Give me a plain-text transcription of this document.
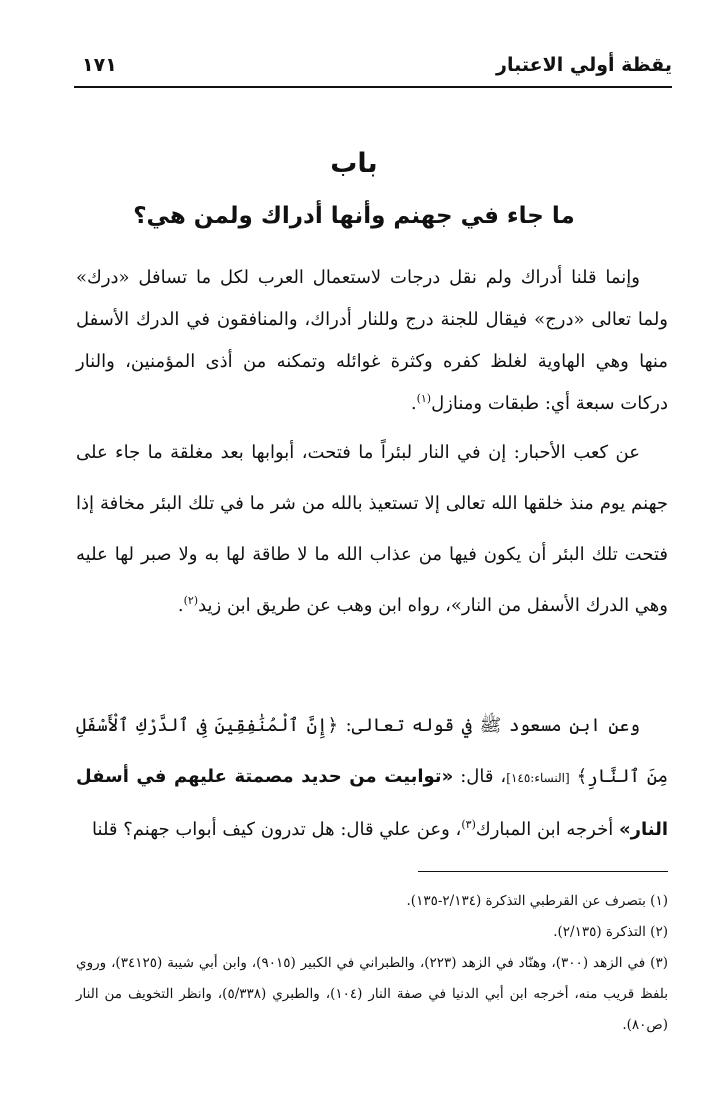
يقظة أولي الاعتبار
١٧١
باب
ما جاء في جهنم وأنها أدراك ولمن هي؟
وإنما قلنا أدراك ولم نقل درجات لاستعمال العرب لكل ما تسافل «درك» ولما تعالى «درج» فيقال للجنة درج وللنار أدراك، والمنافقون في الدرك الأسفل منها وهي الهاوية لغلظ كفره وكثرة غوائله وتمكنه من أذى المؤمنين، والنار دركات سبعة أي: طبقات ومنازل$^{(١)}$.
عن كعب الأحبار: إن في النار لبئراً ما فتحت، أبوابها بعد مغلقة ما جاء على جهنم يوم منذ خلقها الله تعالى إلا تستعيذ بالله من شر ما في تلك البئر مخافة إذا فتحت تلك البئر أن يكون فيها من عذاب الله ما لا طاقة لها به ولا صبر لها عليه وهي الدرك الأسفل من النار»، رواه ابن وهب عن طريق ابن زيد$^{(٢)}$.
وعن ابن مسعود ﷺ في قوله تعالى: ﴿إِنَّ ٱلْمُنَٰفِقِينَ فِى ٱلدَّرْكِ ٱلْأَسْفَلِ مِنَ ٱلنَّارِ﴾ [النساء:١٤٥]، قال: «توابيت من حديد مصمتة عليهم في أسفل النار» أخرجه ابن المبارك$^{(٣)}$، وعن علي قال: هل تدرون كيف أبواب جهنم؟ قلنا

(١) بتصرف عن القرطبي التذكرة (٢/١٣٤-١٣٥).

(٢) التذكرة (٢/١٣٥).

(٣) في الزهد (٣٠٠)، وهنّاد في الزهد (٢٢٣)، والطبراني في الكبير (٩٠١٥)، وابن أبي شيبة (٣٤١٢٥)، وروي بلفظ قريب منه، أخرجه ابن أبي الدنيا في صفة النار (١٠٤)، والطبري (٥/٣٣٨)، وانظر التخويف من النار (ص٨٠).
